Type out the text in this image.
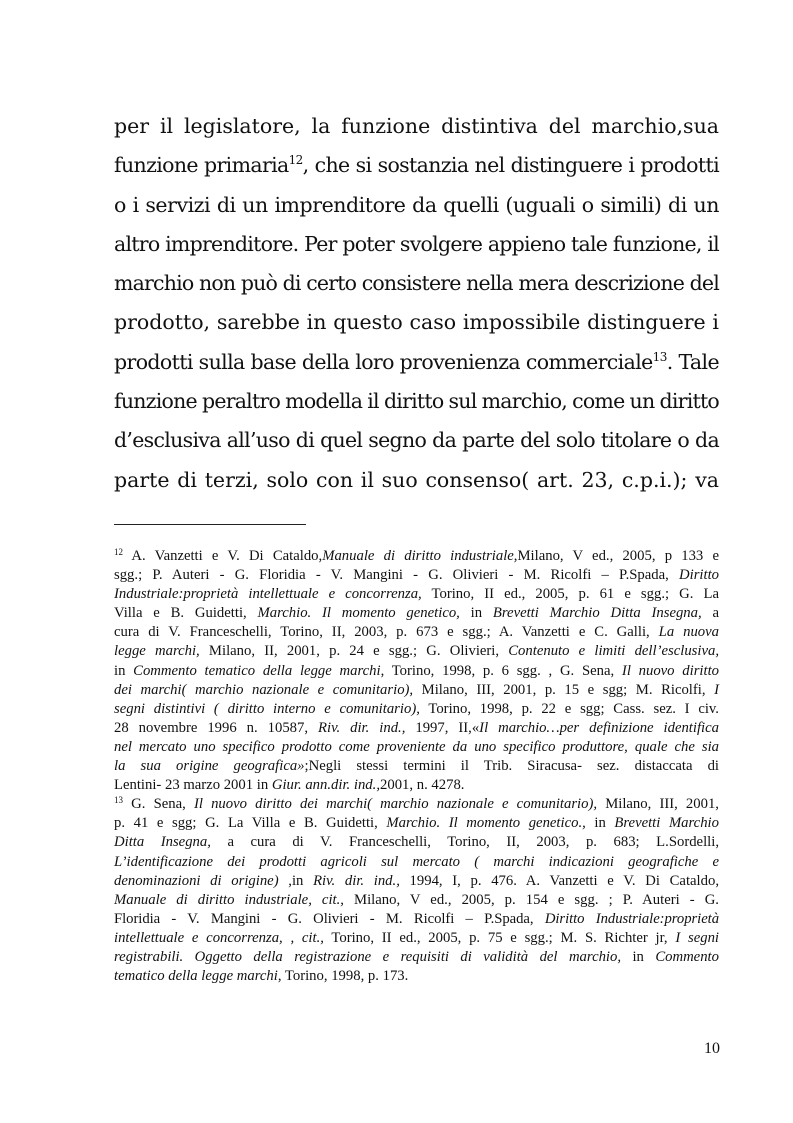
per il legislatore, la funzione distintiva del marchio,sua
funzione primaria$^{12}$, che si sostanzia nel distinguere i prodotti
o i servizi di un imprenditore da quelli (uguali o simili) di un
altro imprenditore. Per poter svolgere appieno tale funzione, il
marchio non può di certo consistere nella mera descrizione del
prodotto, sarebbe in questo caso impossibile distinguere i
prodotti sulla base della loro provenienza commerciale$^{13}$. Tale
funzione peraltro modella il diritto sul marchio, come un diritto
d’esclusiva all’uso di quel segno da parte del solo titolare o da
parte di terzi, solo con il suo consenso( art. 23, c.p.i.); va
$^{12}$ A. Vanzetti e V. Di Cataldo,Manuale di diritto industriale,Milano, V ed., 2005, p 133 e
sgg.; P. Auteri - G. Floridia - V. Mangini - G. Olivieri - M. Ricolfi – P.Spada, Diritto
Industriale:proprietà intellettuale e concorrenza, Torino, II ed., 2005, p. 61 e sgg.; G. La
Villa e B. Guidetti, Marchio. Il momento genetico, in Brevetti Marchio Ditta Insegna, a
cura di V. Franceschelli, Torino, II, 2003, p. 673 e sgg.; A. Vanzetti e C. Galli, La nuova
legge marchi, Milano, II, 2001, p. 24 e sgg.; G. Olivieri, Contenuto e limiti dell’esclusiva,
in Commento tematico della legge marchi, Torino, 1998, p. 6 sgg. , G. Sena, Il nuovo diritto
dei marchi( marchio nazionale e comunitario), Milano, III, 2001, p. 15 e sgg; M. Ricolfi, I
segni distintivi ( diritto interno e comunitario), Torino, 1998, p. 22 e sgg; Cass. sez. I civ.
28 novembre 1996 n. 10587, Riv. dir. ind., 1997, II,«Il marchio…per definizione identifica
nel mercato uno specifico prodotto come proveniente da uno specifico produttore, quale che sia
la sua origine geografica»;Negli stessi termini il Trib. Siracusa- sez. distaccata di
Lentini- 23 marzo 2001 in Giur. ann.dir. ind.,2001, n. 4278.
$^{13}$ G. Sena, Il nuovo diritto dei marchi( marchio nazionale e comunitario), Milano, III, 2001,
p. 41 e sgg; G. La Villa e B. Guidetti, Marchio. Il momento genetico., in Brevetti Marchio
Ditta Insegna, a cura di V. Franceschelli, Torino, II, 2003, p. 683; L.Sordelli,
L’identificazione dei prodotti agricoli sul mercato ( marchi indicazioni geografiche e
denominazioni di origine) ,in Riv. dir. ind., 1994, I, p. 476. A. Vanzetti e V. Di Cataldo,
Manuale di diritto industriale, cit., Milano, V ed., 2005, p. 154 e sgg. ; P. Auteri - G.
Floridia - V. Mangini - G. Olivieri - M. Ricolfi – P.Spada, Diritto Industriale:proprietà
intellettuale e concorrenza, , cit., Torino, II ed., 2005, p. 75 e sgg.; M. S. Richter jr, I segni
registrabili. Oggetto della registrazione e requisiti di validità del marchio, in Commento
tematico della legge marchi, Torino, 1998, p. 173.
10
